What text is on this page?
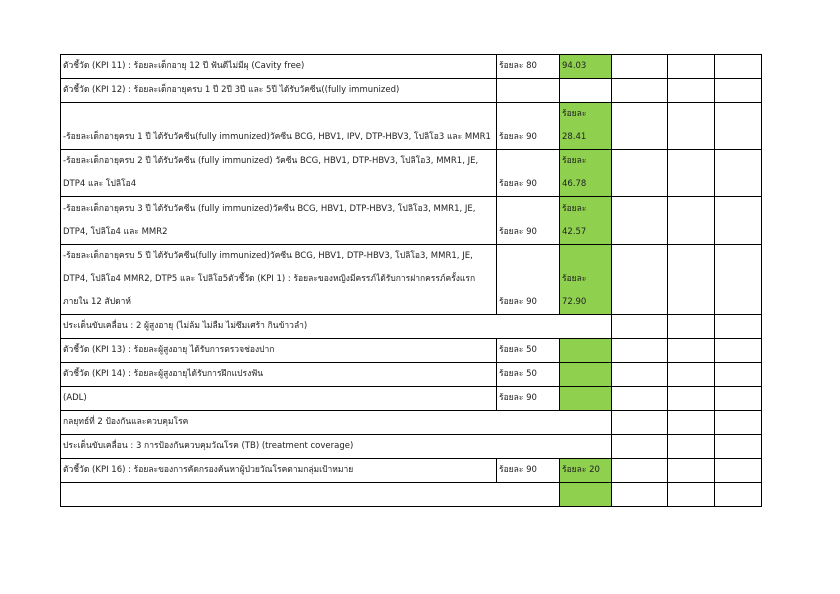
ตัวชี้วัด (KPI 11) : ร้อยละเด็กอายุ 12 ปี ฟันดีไม่มีผุ (Cavity free)	ร้อยละ 80	94.03			
ตัวชี้วัด (KPI 12) : ร้อยละเด็กอายุครบ 1 ปี 2ปี 3ปี และ 5ปี ได้รับวัคซีน((fully immunized)					
-ร้อยละเด็กอายุครบ 1 ปี ได้รับวัคซีน(fully immunized)วัคซีน BCG, HBV1, IPV, DTP-HBV3, โปลิโอ3 และ MMR1	ร้อยละ 90	ร้อยละ 28.41			
-ร้อยละเด็กอายุครบ 2 ปี ได้รับวัคซีน (fully immunized) วัคซีน BCG, HBV1, DTP-HBV3, โปลิโอ3, MMR1, JE, DTP4 และ โปลิโอ4	ร้อยละ 90	ร้อยละ 46.78			
-ร้อยละเด็กอายุครบ 3 ปี ได้รับวัคซีน (fully immunized)วัคซีน BCG, HBV1, DTP-HBV3, โปลิโอ3, MMR1, JE, DTP4, โปลิโอ4 และ MMR2	ร้อยละ 90	ร้อยละ 42.57			
-ร้อยละเด็กอายุครบ 5 ปี ได้รับวัคซีน(fully immunized)วัคซีน BCG, HBV1, DTP-HBV3, โปลิโอ3, MMR1, JE, DTP4, โปลิโอ4 MMR2, DTP5 และ โปลิโอ5ตัวชี้วัด (KPI 1) : ร้อยละของหญิงมีครรภ์ได้รับการฝากครรภ์ครั้งแรกภายใน 12 สัปดาห์	ร้อยละ 90	ร้อยละ 72.90			
ประเด็นขับเคลื่อน : 2 ผู้สูงอายุ (ไม่ล้ม ไม่ลืม ไม่ซึมเศร้า กินข้าวลำ)					
ตัวชี้วัด (KPI 13) : ร้อยละผู้สูงอายุ ได้รับการตรวจช่องปาก	ร้อยละ 50				
ตัวชี้วัด (KPI 14) : ร้อยละผู้สูงอายุได้รับการฝึกแปรงฟัน	ร้อยละ 50				
(ADL)	ร้อยละ 90				
กลยุทธ์ที่ 2 ป้องกันและควบคุมโรค					
ประเด็นขับเคลื่อน : 3 การป้องกันควบคุมวัณโรค (TB) (treatment coverage)					
ตัวชี้วัด (KPI 16) : ร้อยละของการคัดกรองค้นหาผู้ป่วยวัณโรคตามกลุ่มเป้าหมาย	ร้อยละ 90	ร้อยละ 20			
